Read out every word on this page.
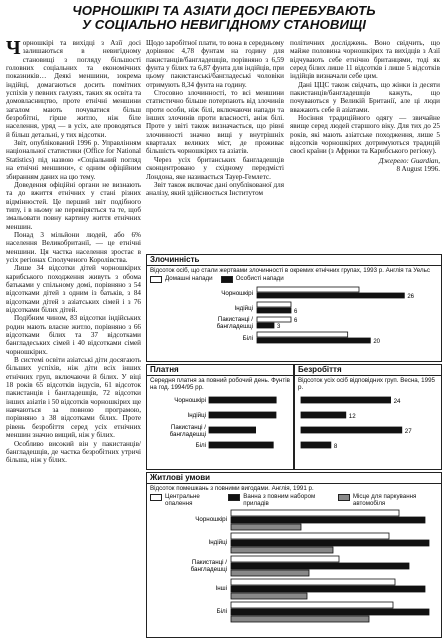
ЧОРНОШКІРІ ТА АЗІАТИ ДОСІ ПЕРЕБУВАЮТЬ
У СОЦІАЛЬНО НЕВИГІДНОМУ СТАНОВИЩІ

Чорношкірі та вихідці з Азії досі залишаються в невигідному становищі з погляду більшості головних соціальних та економічних показників… Деякі меншини, зокрема індійці, домагаються досить помітних успіхів у певних галузях, таких як освіта та домовласництво, проте етнічні меншини загалом мають почуватися більш безробітні, гірше житло, ніж біле населення, уряд — в усіх, але проводяться й більш детальні, у тих відсотки.

Звіт, опублікований 1996 р. Управлінням національної статистики (Office for National Statistics) під назвою «Соціальний погляд на етнічні меншини», є одним офіційним збиранням даних на цю тему.

Доведення офіційні органи не визнають та до вжиття етнічних у стані різних відмінностей. Це перший звіт подібного типу, і в ньому не перевіряється та те, щоб змальовати повну картину життя етнічних меншин.

Понад 3 мільйони людей, або 6% населення Великобританії, — це етнічні меншини. Ця частка населення зростає в усіх регіонах Сполученого Королівства.

Лише 34 відсотки дітей чорношкірих карибського походження живуть з обома батьками у спільному домі, порівняно з 54 відсотками дітей з одним із батьків, з 84 відсотками дітей з азіатських сімей і з 76 відсотками білих дітей.

Подібним чином, 83 відсотки індійських родин мають власне житло, порівняно з 66 відсотками білих та 37 відсотками бангладеських сімей і 40 відсотками сімей чорношкірих.

В системі освіти азіатські діти досягають більших успіхів, ніж діти всіх інших етнічних груп, включаючи й білих. У віці 18 років 65 відсотків індусів, 61 відсоток пакистанців і бангладешців, 72 відсотки інших азіатів і 50 відсотків чорношкірих ще навчаються за повною програмою, порівняно з 38 відсотками білих. Проте рівень безробіття серед усіх етнічних меншин значно вищий, ніж у білих.

Особливо високий він у пакистанців/бангладешців, де частка безробітних утричі більша, ніж у білих.

Щодо заробітної плати, то вона в середньому дорівнює 4,78 фунтам на годину для пакистанців/бангладешців, порівняно з 6,59 фунта у білих та 6,87 фунта для індійців, при цьому пакистанські/бангладеські чоловіки отримують 8,34 фунта на годину.

Стосовно злочинності, то всі меншини статистично більше потерпають від злочинів проти особи, ніж білі, включаючи напади та інших злочинів проти власності, аніж білі. Проте у звіті також визначається, що рівні злочинності значно вищі у внутрішніх кварталах великих міст, де проживає більшість чорношкірих та азіатів.

Через усіх британських бангладешців сконцентровано у східному передмісті Лондона, яке називається Тауер-Гемлетс.

Звіт також включає дані опублікованої для аналізу, який здійснюється Інститутом

політичних досліджень. Воно свідчить, що майже половина чорношкірих та вихідців з Азії відчувають себе етнічно британцями, тоді як серед білих лише 11 відсотків і лише 5 відсотків індійців визначали себе цим.

Дані ЦЦС також свідчать, що жінки із десяти пакистанців/бангладешців кажуть, що почуваються у Великій Британії, але ці люди вважають себе й азіатами.

Носіння традиційного одягу — звичайне явище серед людей старшого віку. Для тих до 25 років, які мають азіатське походження, лише 5 відсотків чорношкірих дотримуються традицій своєї країни (з Африки та Карибського регіону).

Джерело: Guardian,
8 August 1996.
Злочинність
Відсоток осіб, що стали жертвами злочинності в окремих етнічних групах, 1993 р. Англія та Уельс
Домашні напади	Особисті напади
Чорношкірі
Індійці
Пакистанці /
бангладешці
Білі
26
6
6
3
20
Платня
Середня платня за повний робочий день. Фунтів на год. 1994/95 рр.
Чорношкірі
Індійці
Пакистанці /
бангладешці
Білі
Безробіття
Відсоток усіх осіб відповідних груп. Весна, 1995 р.
24
12
27
8
Житлові умови
Відсоток помешкань з повними вигодами. Англія, 1991 р.
Центральне опалення
Ванна з повним набором приладів
Місце для паркування автомобіля
Чорношкірі
Індійці
Пакистанці /
бангладешці
Інші
Білі
